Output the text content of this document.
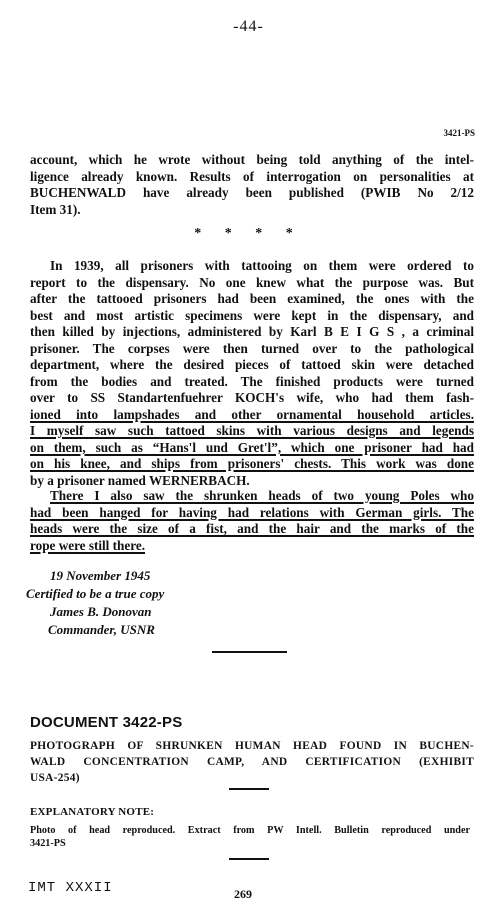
-44-
3421-PS
account, which he wrote without being told anything of the intel-
ligence already known. Results of interrogation on personalities at
BUCHENWALD have already been published (PWIB No 2/12
Item 31).
* * * *
In 1939, all prisoners with tattooing on them were ordered to
report to the dispensary. No one knew what the purpose was. But
after the tattooed prisoners had been examined, the ones with the
best and most artistic specimens were kept in the dispensary, and
then killed by injections, administered by Karl B E I G S , a criminal
prisoner. The corpses were then turned over to the pathological
department, where the desired pieces of tattoed skin were detached
from the bodies and treated. The finished products were turned
over to SS Standartenfuehrer KOCH's wife, who had them fash-
ioned into lampshades and other ornamental household articles.
I myself saw such tattoed skins with various designs and legends
on them, such as “Hans'l und Gret'l”, which one prisoner had had
on his knee, and ships from prisoners' chests. This work was done
by a prisoner named WERNERBACH.
There I also saw the shrunken heads of two young Poles who
had been hanged for having had relations with German girls. The
heads were the size of a fist, and the hair and the marks of the
rope were still there.
19 November 1945
Certified to be a true copy
James B. Donovan
Commander, USNR
DOCUMENT 3422-PS
PHOTOGRAPH OF SHRUNKEN HUMAN HEAD FOUND IN BUCHEN-
WALD CONCENTRATION CAMP, AND CERTIFICATION (EXHIBIT
USA-254)
EXPLANATORY NOTE:
Photo of head reproduced. Extract from PW Intell. Bulletin reproduced under
3421-PS
IMT XXXII	269
